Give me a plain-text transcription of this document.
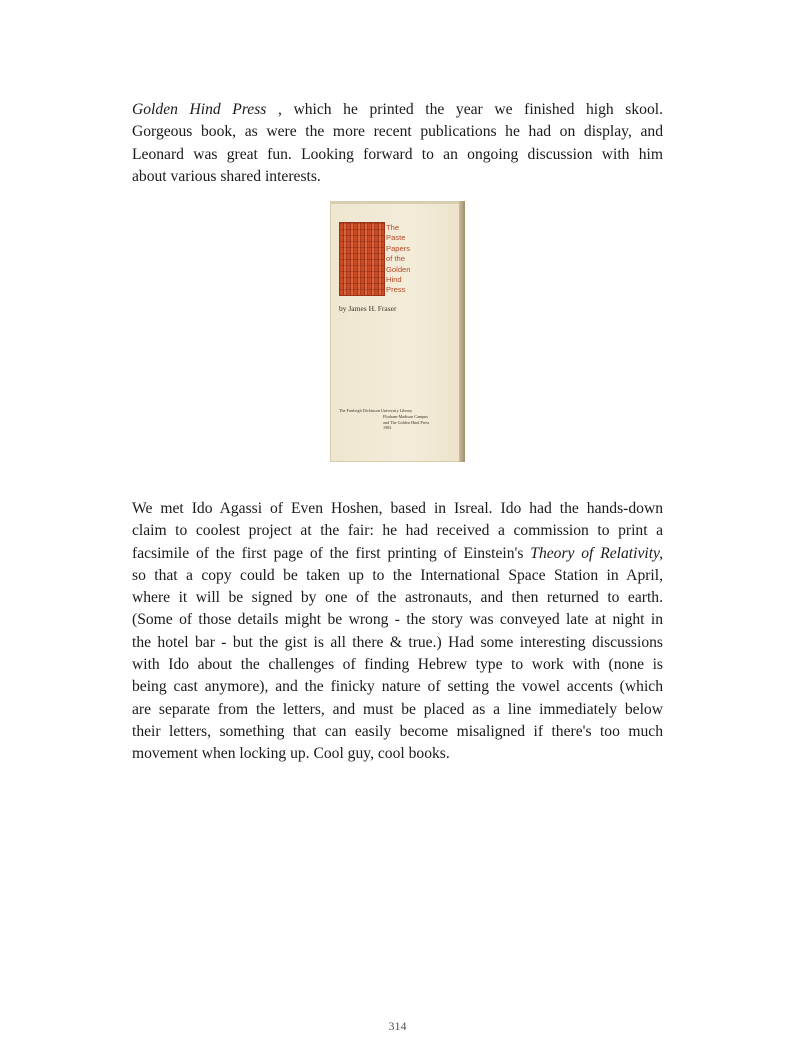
Golden Hind Press , which he printed the year we finished high skool.
Gorgeous book, as were the more recent publications he had on display, and
Leonard was great fun. Looking forward to an ongoing discussion with him
about various shared interests.
The
Paste
Papers
of the
Golden
Hind
Press
by James H. Fraser
The Fairleigh Dickinson University Library
Florham-Madison Campus
and The Golden Hind Press
1983
We met Ido Agassi of Even Hoshen, based in Isreal. Ido had the hands-down
claim to coolest project at the fair: he had received a commission to print a
facsimile of the first page of the first printing of Einstein's Theory of Relativity,
so that a copy could be taken up to the International Space Station in April,
where it will be signed by one of the astronauts, and then returned to earth.
(Some of those details might be wrong - the story was conveyed late at night in
the hotel bar - but the gist is all there & true.) Had some interesting discussions
with Ido about the challenges of finding Hebrew type to work with (none is
being cast anymore), and the finicky nature of setting the vowel accents (which
are separate from the letters, and must be placed as a line immediately below
their letters, something that can easily become misaligned if there's too much
movement when locking up. Cool guy, cool books.
314
